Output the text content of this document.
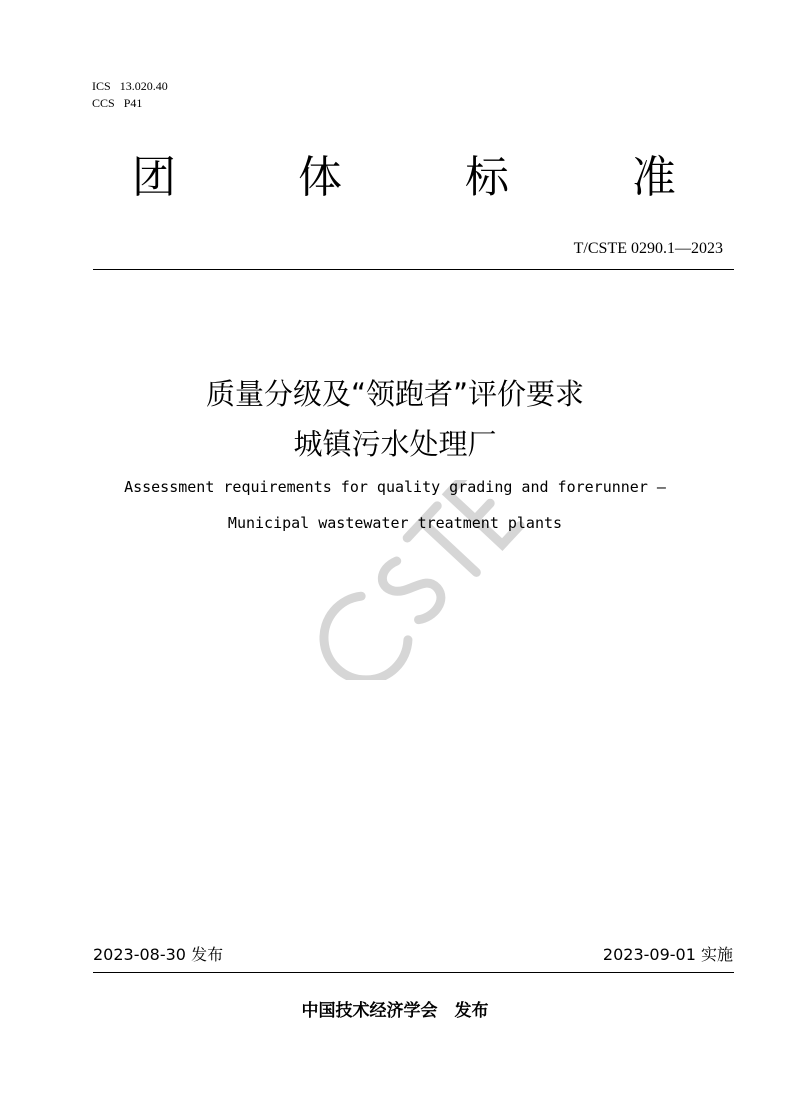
ICS 13.020.40
CCS P41
团	体	标	准
T/CSTE 0290.1—2023
质量分级及“领跑者”评价要求
城镇污水处理厂
Assessment requirements for quality grading and forerunner —
Municipal wastewater treatment plants
2023-08-30 发布	2023-09-01 实施
中国技术经济学会　发布
